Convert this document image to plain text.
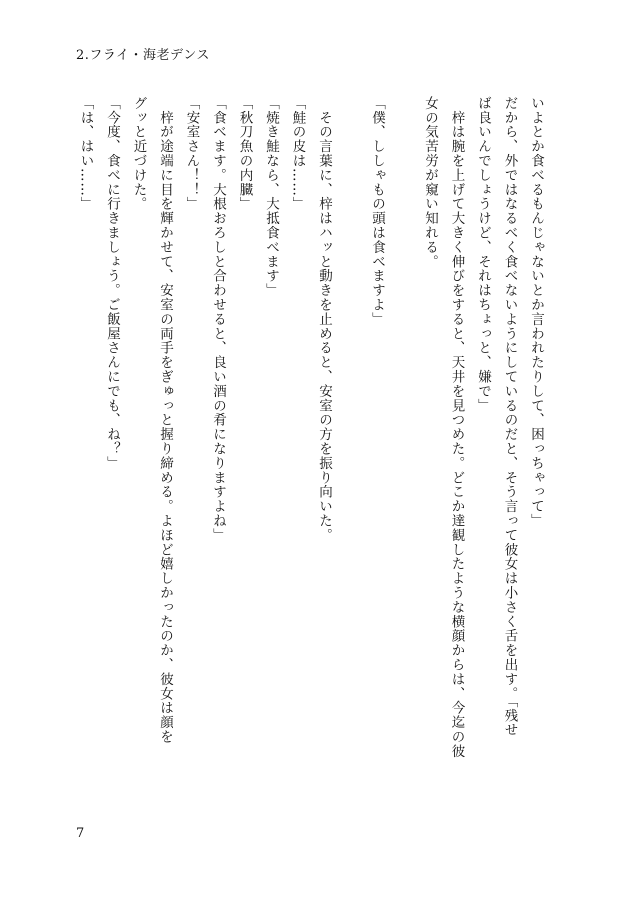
2.フライ・海老デンス
いよとか食べるもんじゃないとか言われたりして、困っちゃって」
だから、外ではなるべく食べないようにしているのだと、そう言って彼女は小さく舌を出す。「残せ
ば良いんでしょうけど、それはちょっと、嫌で」
　梓は腕を上げて大きく伸びをすると、天井を見つめた。どこか達観したような横顔からは、今迄の彼
女の気苦労が窺い知れる。

「僕、ししゃもの頭は食べますよ」

　その言葉に、梓はハッと動きを止めると、安室の方を振り向いた。
「鮭の皮は……」
「焼き鮭なら、大抵食べます」
「秋刀魚の内臓」
「食べます。大根おろしと合わせると、良い酒の肴になりますよね」
「安室さん！！」
　梓が途端に目を輝かせて、安室の両手をぎゅっと握り締める。よほど嬉しかったのか、彼女は顔を
グッと近づけた。
「今度、食べに行きましょう。ご飯屋さんにでも、ね？」
「は、はい……」
7
